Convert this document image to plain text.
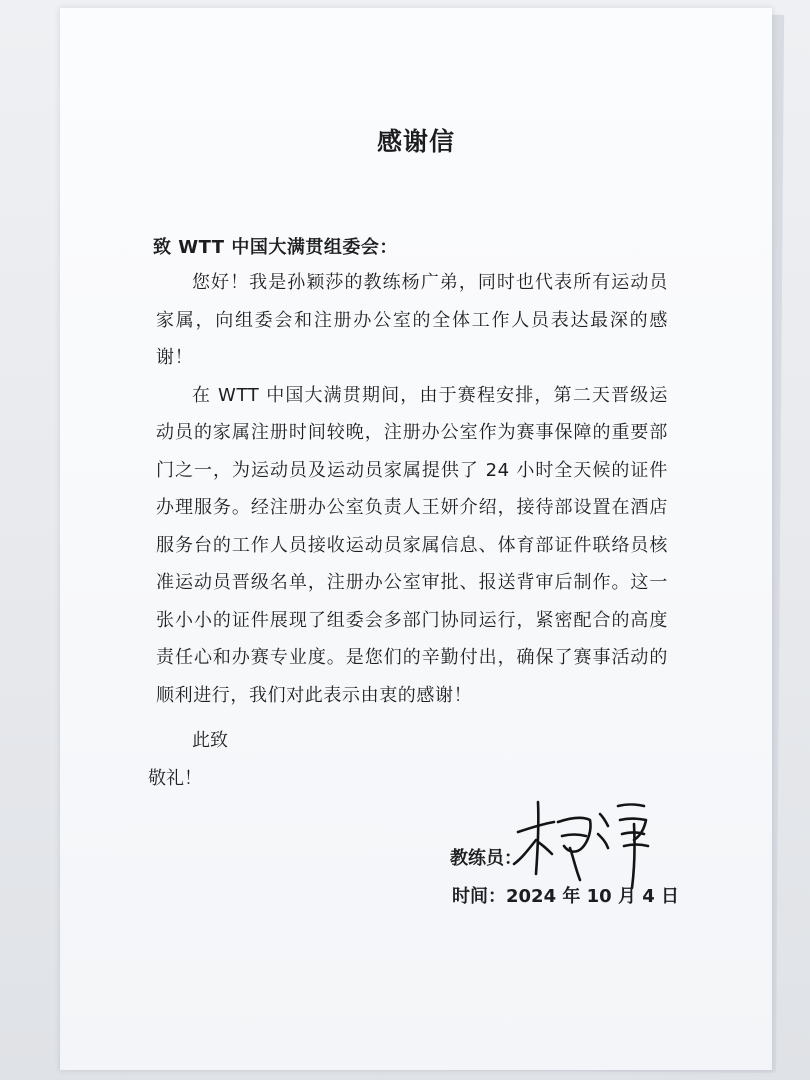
感谢信
致 WTT 中国大满贯组委会：

您好！我是孙颖莎的教练杨广弟，同时也代表所有运动员家属，向组委会和注册办公室的全体工作人员表达最深的感谢！

在 WTT 中国大满贯期间，由于赛程安排，第二天晋级运动员的家属注册时间较晚，注册办公室作为赛事保障的重要部门之一，为运动员及运动员家属提供了 24 小时全天候的证件办理服务。经注册办公室负责人王妍介绍，接待部设置在酒店服务台的工作人员接收运动员家属信息、体育部证件联络员核准运动员晋级名单，注册办公室审批、报送背审后制作。这一张小小的证件展现了组委会多部门协同运行，紧密配合的高度责任心和办赛专业度。是您们的辛勤付出，确保了赛事活动的顺利进行，我们对此表示由衷的感谢！

此致
敬礼！
教练员：
时间：2024 年 10 月 4 日
